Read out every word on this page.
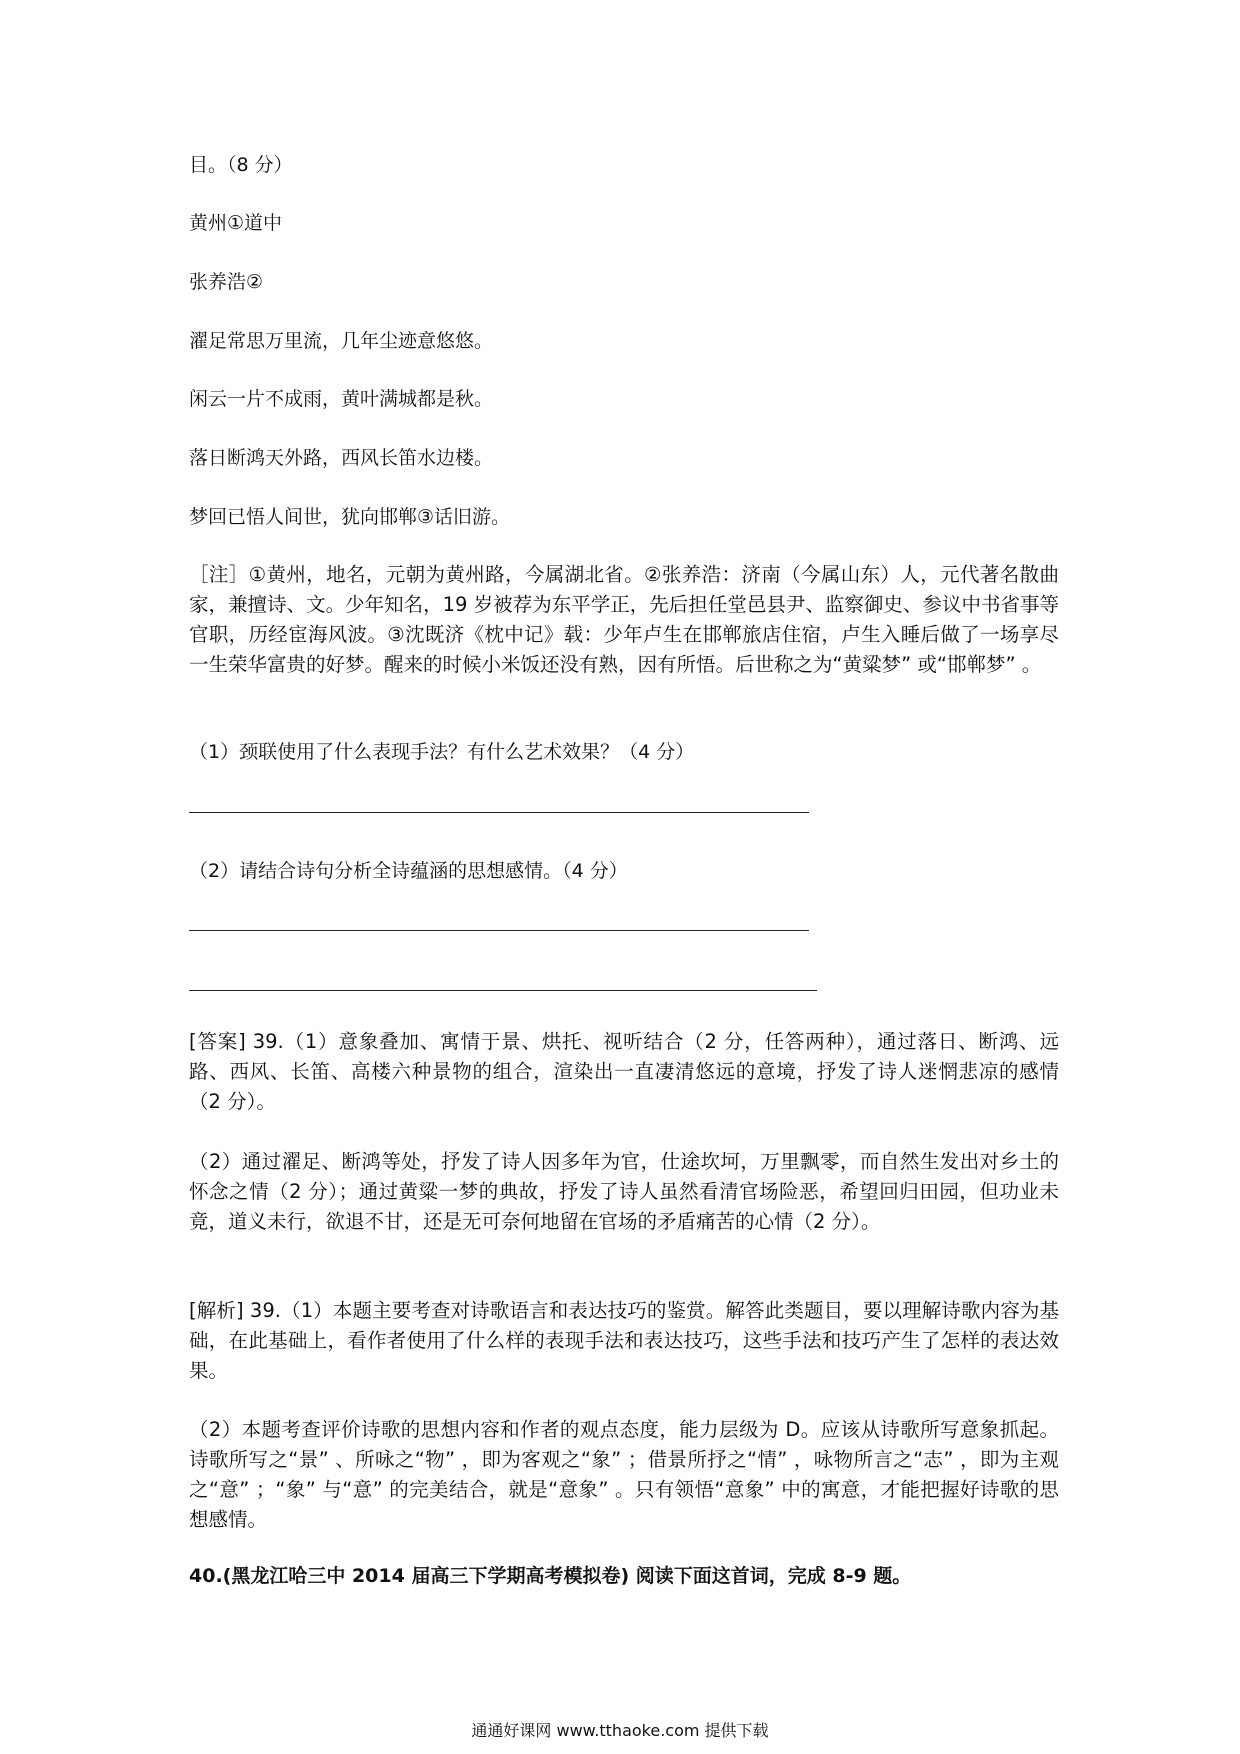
目。（8 分）
黄州①道中
张养浩②
濯足常思万里流，几年尘迹意悠悠。
闲云一片不成雨，黄叶满城都是秋。
落日断鸿天外路，西风长笛水边楼。
梦回已悟人间世，犹向邯郸③话旧游。
［注］①黄州，地名，元朝为黄州路，今属湖北省。②张养浩：济南（今属山东）人，元代著名散曲家，兼擅诗、文。少年知名，19 岁被荐为东平学正，先后担任堂邑县尹、监察御史、参议中书省事等官职，历经宦海风波。③沈既济《枕中记》载：少年卢生在邯郸旅店住宿，卢生入睡后做了一场享尽一生荣华富贵的好梦。醒来的时候小米饭还没有熟，因有所悟。后世称之为“黄粱梦” 或“邯郸梦” 。
（1）颈联使用了什么表现手法？有什么艺术效果？（4 分）
（2）请结合诗句分析全诗蕴涵的思想感情。（4 分）
[答案] 39.（1）意象叠加、寓情于景、烘托、视听结合（2 分，任答两种），通过落日、断鸿、远路、西风、长笛、高楼六种景物的组合，渲染出一直凄清悠远的意境，抒发了诗人迷惘悲凉的感情（2 分）。
（2）通过濯足、断鸿等处，抒发了诗人因多年为官，仕途坎坷，万里飘零，而自然生发出对乡土的怀念之情（2 分）；通过黄粱一梦的典故，抒发了诗人虽然看清官场险恶，希望回归田园，但功业未竟，道义未行，欲退不甘，还是无可奈何地留在官场的矛盾痛苦的心情（2 分）。
[解析] 39.（1）本题主要考查对诗歌语言和表达技巧的鉴赏。解答此类题目，要以理解诗歌内容为基础，在此基础上，看作者使用了什么样的表现手法和表达技巧，这些手法和技巧产生了怎样的表达效果。
（2）本题考查评价诗歌的思想内容和作者的观点态度，能力层级为 D。应该从诗歌所写意象抓起。诗歌所写之“景” 、所咏之“物” ，即为客观之“象” ；借景所抒之“情” ，咏物所言之“志” ，即为主观之“意” ；“象” 与“意” 的完美结合，就是“意象” 。只有领悟“意象” 中的寓意，才能把握好诗歌的思想感情。
40.(黑龙江哈三中 2014 届高三下学期高考模拟卷) 阅读下面这首词，完成 8-9 题。
通通好课网 www.tthaoke.com 提供下载
